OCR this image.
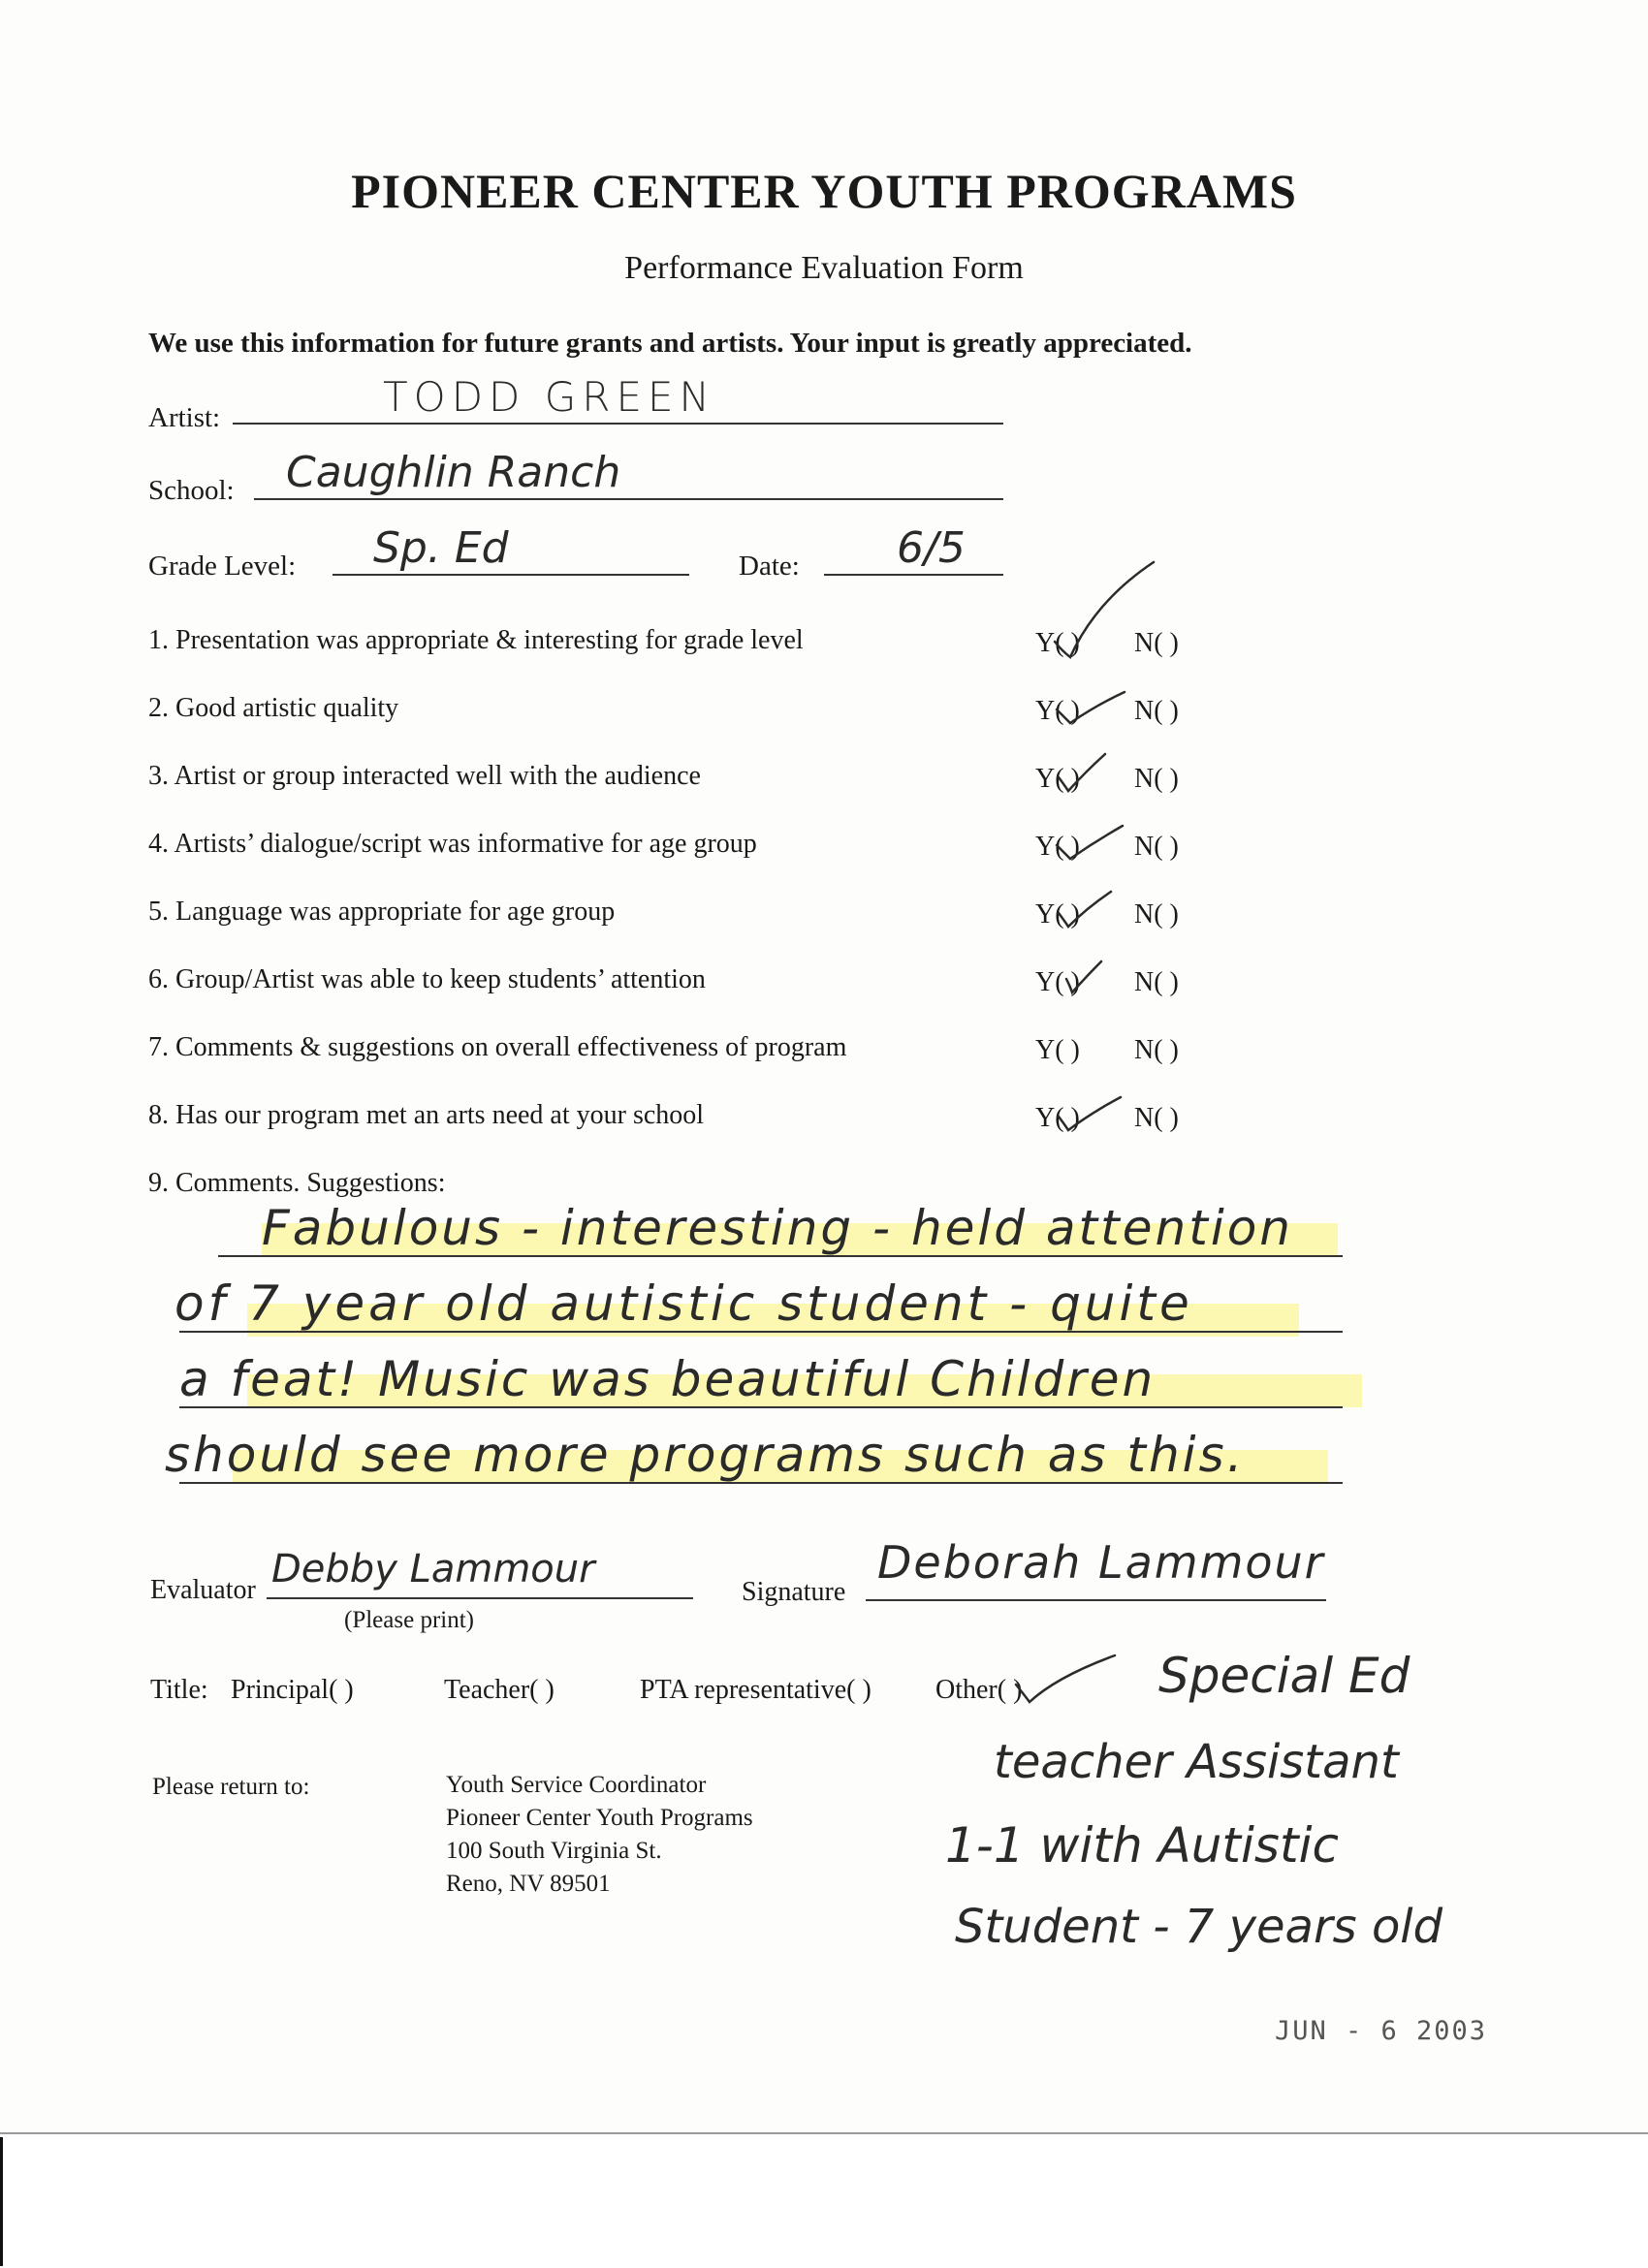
PIONEER CENTER YOUTH PROGRAMS
Performance Evaluation Form
We use this information for future grants and artists. Your input is greatly appreciated.
Artist:	TODD GREEN
School: Caughlin Ranch
Grade Level: Sp. Ed	Date: 6/5
1. Presentation was appropriate & interesting for grade level	Y( ) N( )
2. Good artistic quality	Y( ) N( )
3. Artist or group interacted well with the audience	Y( ) N( )
4. Artists’ dialogue/script was informative for age group	Y( ) N( )
5. Language was appropriate for age group	Y( ) N( )
6. Group/Artist was able to keep students’ attention	Y( ) N( )
7. Comments & suggestions on overall effectiveness of program	Y( ) N( )
8. Has our program met an arts need at your school	Y( ) N( )
9. Comments. Suggestions:
Fabulous - interesting - held attention
of 7 year old autistic student - quite
a feat! Music was beautiful Children
should see more programs such as this.
Evaluator Debby Lammour
(Please print)
Signature
Deborah Lammour
Title: Principal( )	Teacher( )	PTA representative( ) Other( )	Special Ed
teacher Assistant
1-1 with Autistic
Student - 7 years old
Please return to:	Youth Service Coordinator
Pioneer Center Youth Programs
100 South Virginia St.
Reno, NV 89501
JUN - 6 2003
